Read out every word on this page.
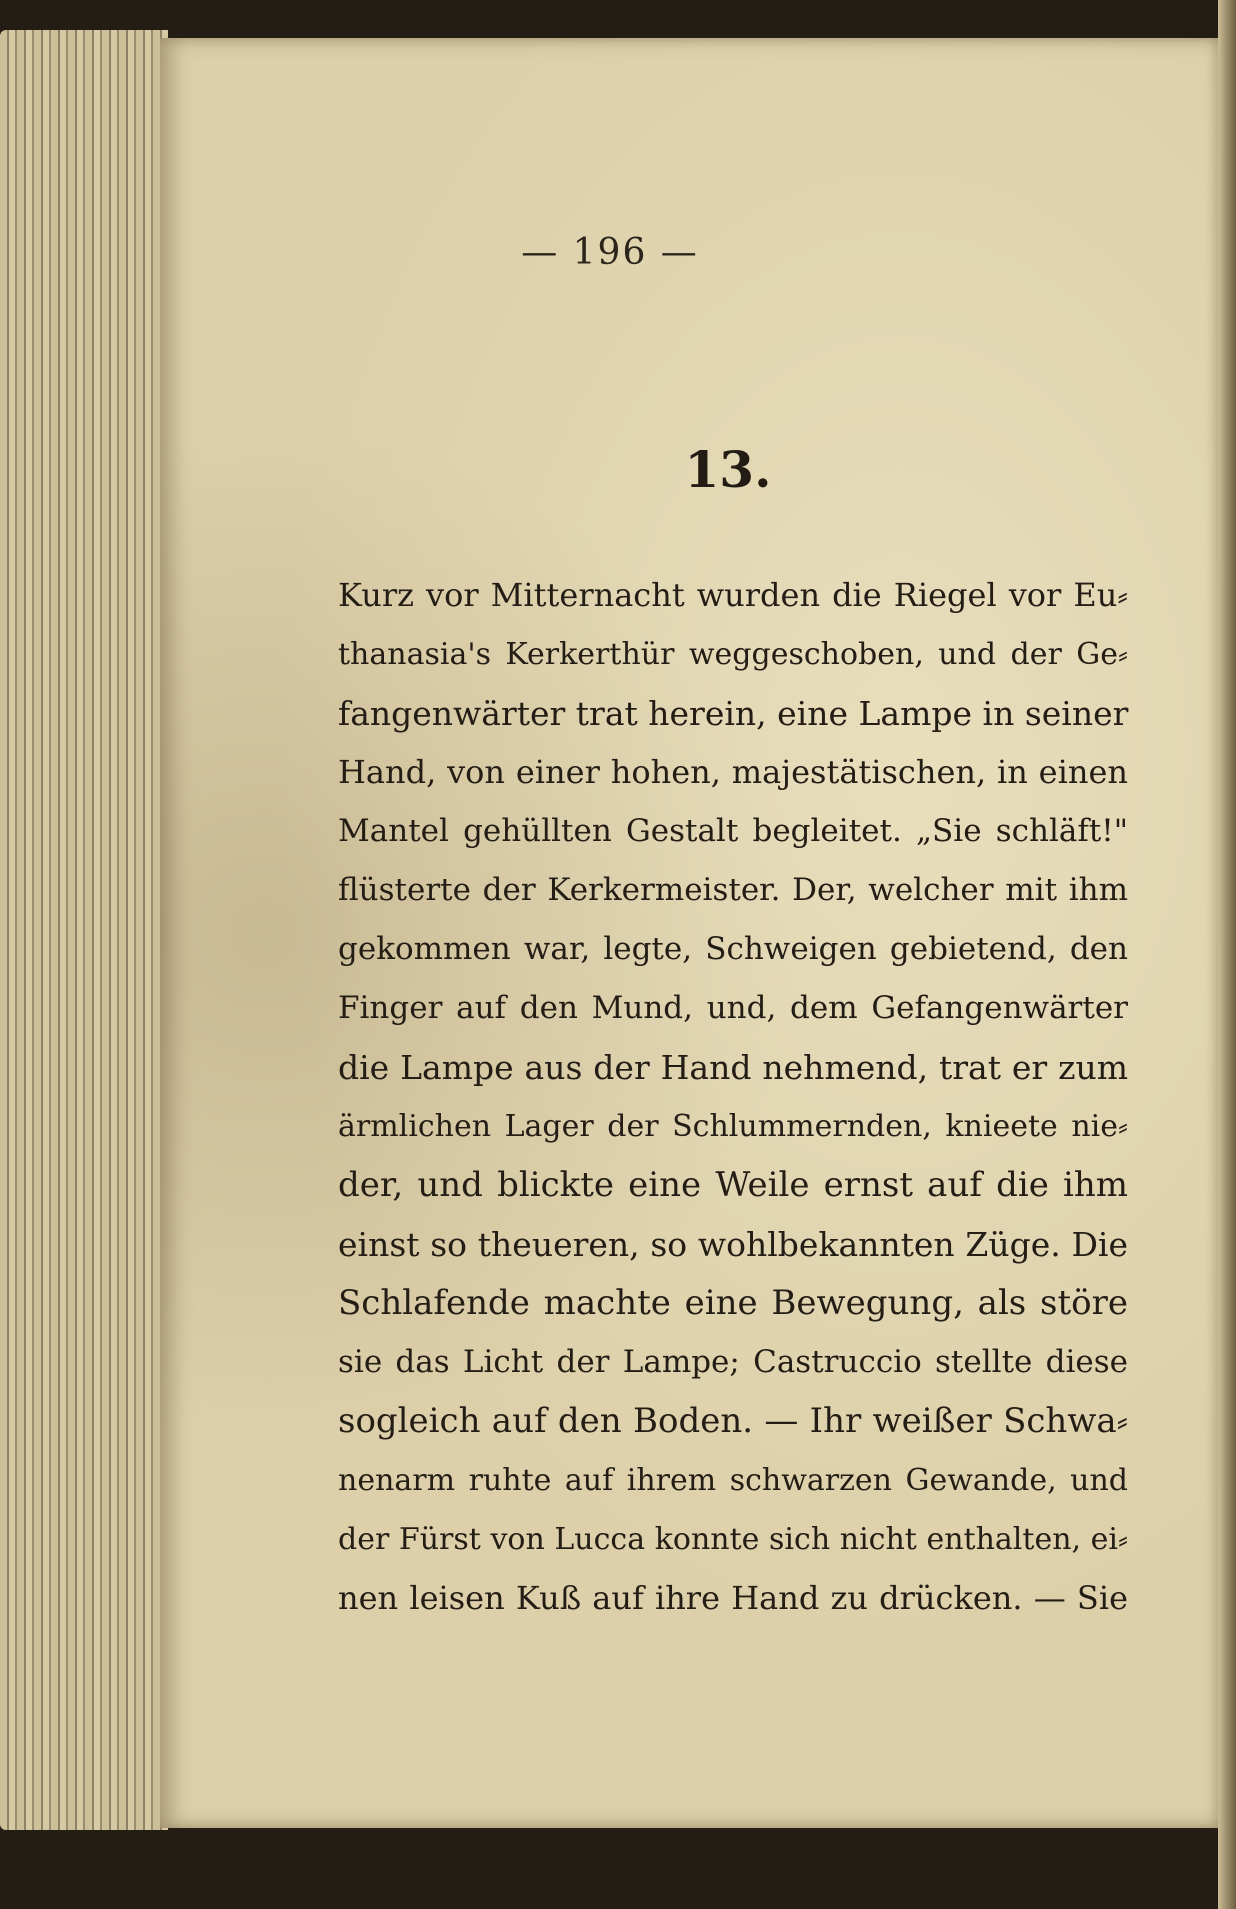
— 196 —
13.
Kurz vor Mitternacht wurden die Riegel vor Eu⸗
thanasia's Kerkerthür weggeschoben, und der Ge⸗
fangenwärter trat herein, eine Lampe in seiner
Hand, von einer hohen, majestätischen, in einen
Mantel gehüllten Gestalt begleitet. „Sie schläft!"
flüsterte der Kerkermeister. Der, welcher mit ihm
gekommen war, legte, Schweigen gebietend, den
Finger auf den Mund, und, dem Gefangenwärter
die Lampe aus der Hand nehmend, trat er zum
ärmlichen Lager der Schlummernden, knieete nie⸗
der, und blickte eine Weile ernst auf die ihm
einst so theueren, so wohlbekannten Züge. Die
Schlafende machte eine Bewegung, als störe
sie das Licht der Lampe; Castruccio stellte diese
sogleich auf den Boden. — Ihr weißer Schwa⸗
nenarm ruhte auf ihrem schwarzen Gewande, und
der Fürst von Lucca konnte sich nicht enthalten, ei⸗
nen leisen Kuß auf ihre Hand zu drücken. — Sie
